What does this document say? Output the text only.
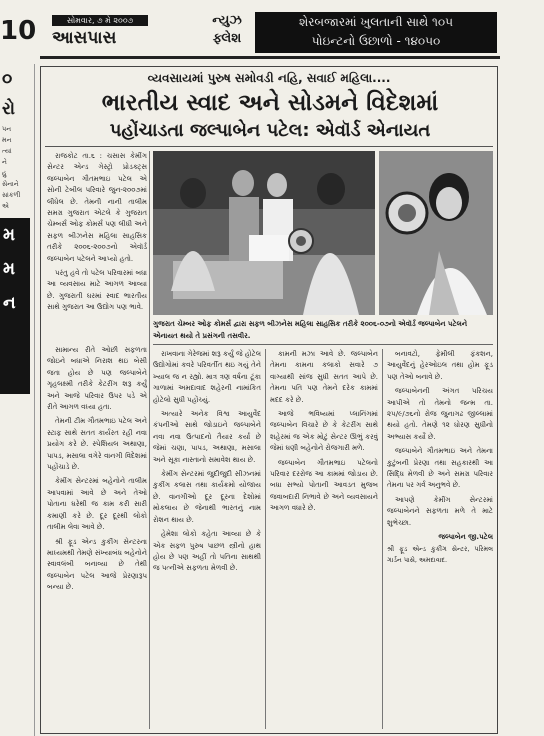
10	સોમવાર, ૭ મે ૨૦૦૭
આસપાસ
ન્યુઝ
ફ્લેશ
શેરબજારમાં ખુલતાની સાથે ૧૦૫
પોઇન્ટનો ઉછાળો - ૧૪૦૫૦
૦
રો
પન
મન
ત્યાં
ને
હુ
સેનાને
સાંકળી
એ
મ
મ
ન
વ્યવસાયમાં પુરુષ સમોવડી નહિ, સવાઈ મહિલા....
ભારતીય સ્વાદ અને સોડમને વિદેશમાં
પહોંચાડતા જલ્પાબેન પટેલ: એવૉર્ડ એનાયત

રાજકોટ તા.૬ : ચસાસ કેમીંગ સેન્ટર એન્ડ ગેસ્ટ્રો પ્રોડક્ટ્સ જલ્પાબેન ગૌતમભાઇ પટેલ એ સોની ટેબીલ પરિવારે જુન-૨૦૦૭માં લીધેલ છે. તેમની નાની તાલીમ સમગ્ર ગુજરાત એટલે કે ગુજરાત ચેમ્બર્સ ઓફ કોમર્સ પણ લીધી અને સફળ બીઝનેસ મહિલા સાહસિક તરીકે ૨૦૦૬-૨૦૦૭નો એવૉર્ડ જલ્પાબેન પટેલને આપ્યો હતો.

પરંતુ હવે તો પટેલ પરિવારમાં બધા આ વ્યવસાય માટે આગળ આવ્યા છે. ગુજરાતી ઘરમાં સ્વાદ ભારતીય સાથે ગુજરાત આ ઉદ્યોગ પણ ભાવે.

ગુજરાત ચેમ્બર ઓફ કોમર્સ દ્વારા સફળ બીઝનેસ મહિલા સાહસિક તરીકે ૨૦૦૬-૦૭નો એવૉર્ડ જલ્પાબેન પટેલને એનાયત થયો તે પ્રસંગની તસવીર.

સામાન્ય રીતે ઓછી સફળતા જોઇને બધાએ નિરાશ થઇ બેસી જતા હોય છે પણ જલ્પાબેને ગૃહલક્ષ્મી તરીકે કેટરીંગ શરૂ કર્યું અને આજે પરિવાર ઉપર પડે એ રીતે આગળ વધ્યા હતા.

તેમની ટીમ ગૌતમભાઇ પટેલ અને સ્ટાફ સાથે સતત કાર્યરત રહી નવા પ્રયોગ કરે છે. સ્પેશિયલ અથાણા, પાપડ, મસાલા વગેરે વાનગી વિદેશમાં પહોંચાડે છે.

કેમીંગ સેન્ટરમાં બહેનોને તાલીમ આપવામાં આવે છે અને તેઓ પોતાના ઘરેથી જ કામ કરી સારી કમાણી કરે છે. દૂર દૂરથી લોકો તાલીમ લેવા આવે છે.

શ્રી ફૂડ એન્ડ કુકીંગ સેન્ટરના માધ્યમથી તેમણે સંખ્યાબંધ બહેનોને સ્વાવલંબી બનાવ્યા છે તેથી જલ્પાબેન પટેલ આજે પ્રેરણારૂપ બન્યા છે.

રાખવાના ગેરેજમાં શરૂ કર્યું જે હોટેલ ઉદ્યોગોમાં કવરે પરિવર્તીત થઇ ગયું તેને ખ્યાલ જ ન રહ્યો. માત્ર ત્રણ વર્ષના ટૂંકા ગાળામાં અમદાવાદ શહેરની નામાંકિત હોટેલો સુધી પહોંચ્યું.

અત્યારે અનેક વિશ્વ આયુર્વેદ કંપનીઓ સાથે જોડાઇને જલ્પાબેને નવા નવા ઉત્પાદનો તૈયાર કર્યા છે જેમાં ચણા, પાપડ, અથાણા, મસાલા અને સૂકા નાસ્તાનો સમાવેશ થાય છે.

કેમીંગ સેન્ટરમાં જુદીજુદી સીઝનમાં કુકીંગ કલાસ તથા કાર્યક્રમો યોજાય છે. વાનગીઓ દૂર દૂરના દેશોમાં મોકલાય છે જેનાથી ભારતનું નામ રોશન થાય છે.

હેમેશા લોકો કહેતા આવ્યા છે કે એક સફળ પુરુષ પાછળ સ્ત્રીનો હાથ હોય છે પણ અહીં તો પતિના સાથથી જ પત્નીએ સફળતા મેળવી છે.

કામની મઝા આવે છે. જલ્પાબેન તેમના કામના કલાકો સવારે ૭ વાગ્યાથી સાંજ સુધી સતત આપે છે. તેમના પતિ પણ તેમને દરેક કામમાં મદદ કરે છે.

આજે ભવિષ્યમાં પ્લાનિંગમાં જલ્પાબેન વિચારે છે કે કેટરીંગ સાથે શહેરમાં જ એક મોટું સેન્ટર ઊભું કરવું જેમાં ઘણી બહેનોને રોજગારી મળે.

જલ્પાબેન ગૌતમભાઇ પટેલનો પરિવાર દરરોજ આ કામમાં જોડાય છે. બધા સભ્યો પોતાની આવડત મુજબ જવાબદારી નિભાવે છે અને વ્યવસાયને આગળ વધારે છે.

બનાવટો, ફેમીલી ફંકશન, આયુર્વેદનું હેરઓઇલ તથા હોમ ફૂડ પણ તેઓ બનાવે છે.

જલ્પાબેનની અંગત પરિચય આપીએ તો તેમનો જન્મ તા. ૨૫/૯/૭૬નો રોજ જુનાગઢ જીલ્લામાં થયો હતો. તેમણે ૧૨ ધોરણ સુધીનો અભ્યાસ કર્યો છે.

જલ્પાબેને ગૌતમભાઇ અને તેમના કુટુંબની પ્રેરણા તથા સહકારથી આ સિદ્ધિ મેળવી છે અને સમગ્ર પરિવાર તેમના પર ગર્વ અનુભવે છે.

આપણે કેમીંગ સેન્ટરમાં જલ્પાબેનને સફળતા મળે તે માટે શુભેચ્છા.

જલ્પાબેન જી.પટેલ
શ્રી ફૂડ એન્ડ કુકીંગ સેન્ટર, પરિમલ ગાર્ડન પાસે, અમદાવાદ.
